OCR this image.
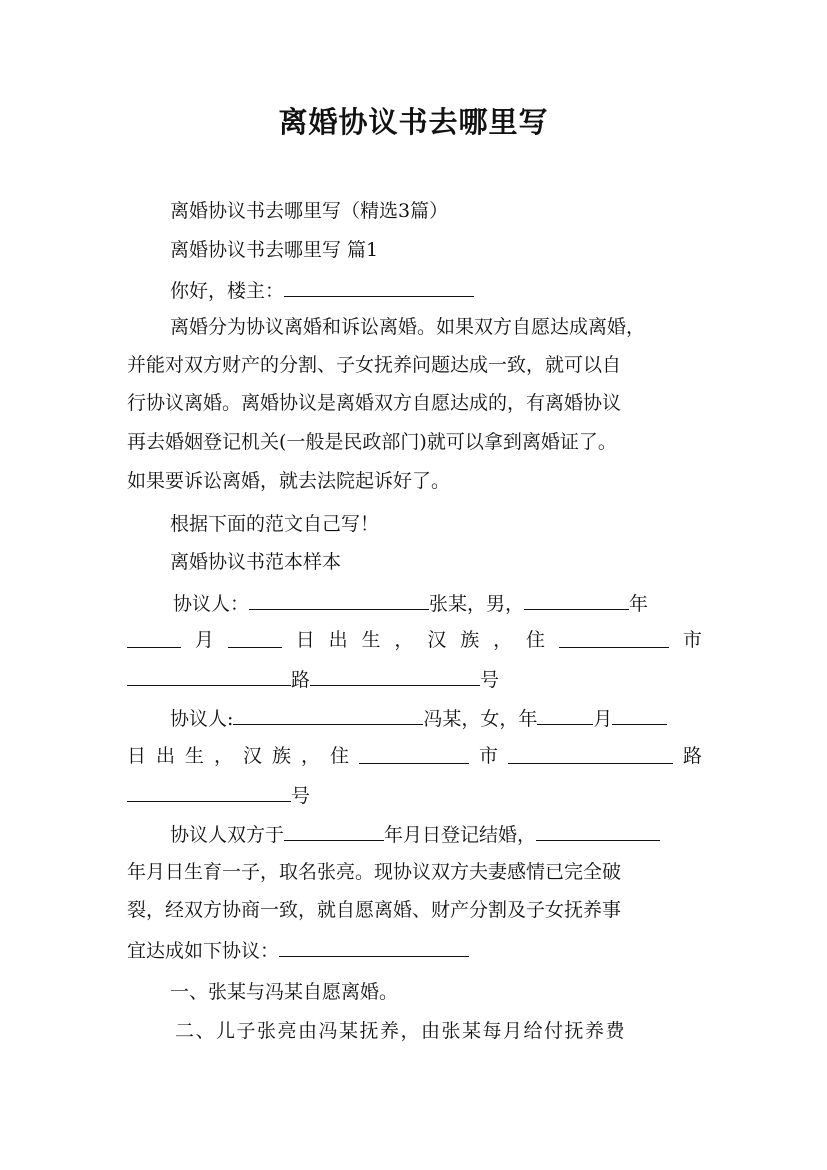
离婚协议书去哪里写
离婚协议书去哪里写（精选3篇）
离婚协议书去哪里写 篇1
你好，楼主：
离婚分为协议离婚和诉讼离婚。如果双方自愿达成离婚，
并能对双方财产的分割、子女抚养问题达成一致，就可以自
行协议离婚。离婚协议是离婚双方自愿达成的，有离婚协议
再去婚姻登记机关(一般是民政部门)就可以拿到离婚证了。
如果要诉讼离婚，就去法院起诉好了。
根据下面的范文自己写！
离婚协议书范本样本
协议人：	张某，男，	年
月	日 出 生 ， 汉 族 ， 住	市
路	号
协议人:	冯某，女，年	月
日 出 生 ， 汉 族 ， 住	市	路
号
协议人双方于	年月日登记结婚，
年月日生育一子，取名张亮。现协议双方夫妻感情已完全破
裂，经双方协商一致，就自愿离婚、财产分割及子女抚养事
宜达成如下协议：
一、张某与冯某自愿离婚。
二、儿子张亮由冯某抚养，由张某每月给付抚养费
